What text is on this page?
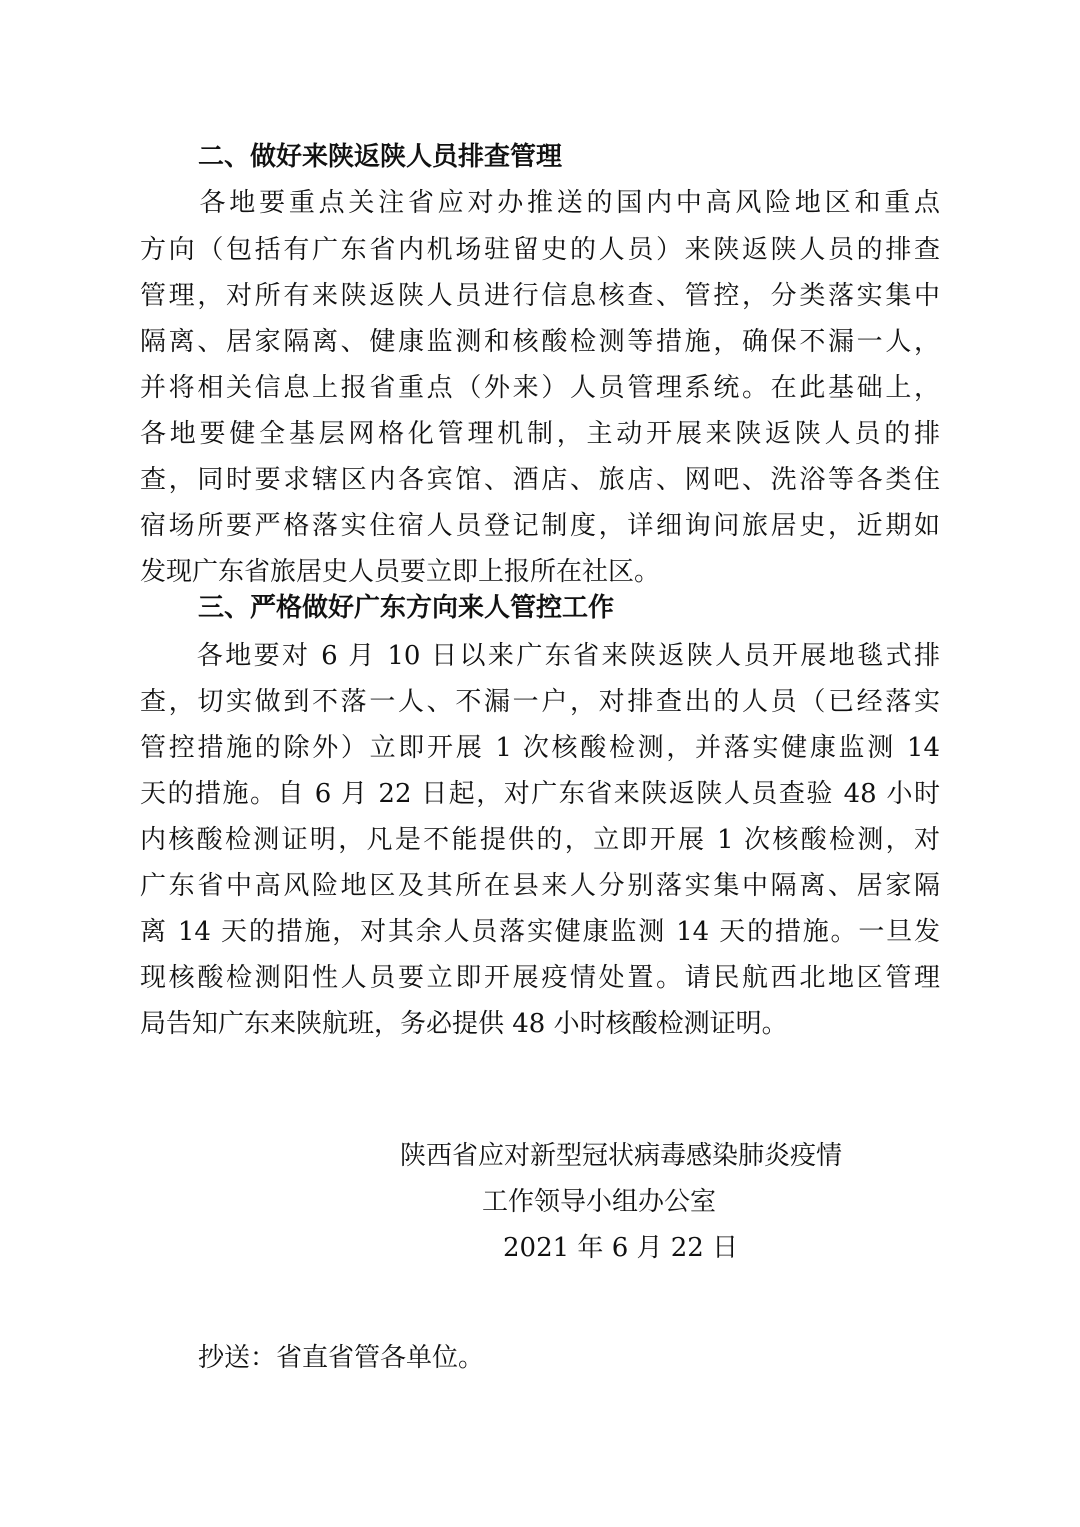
二、做好来陕返陕人员排查管理
　　各地要重点关注省应对办推送的国内中高风险地区和重点
方向（包括有广东省内机场驻留史的人员）来陕返陕人员的排查
管理，对所有来陕返陕人员进行信息核查、管控，分类落实集中
隔离、居家隔离、健康监测和核酸检测等措施，确保不漏一人，
并将相关信息上报省重点（外来）人员管理系统。在此基础上，
各地要健全基层网格化管理机制，主动开展来陕返陕人员的排
查，同时要求辖区内各宾馆、酒店、旅店、网吧、洗浴等各类住
宿场所要严格落实住宿人员登记制度，详细询问旅居史，近期如
发现广东省旅居史人员要立即上报所在社区。
三、严格做好广东方向来人管控工作
　　各地要对 6 月 10 日以来广东省来陕返陕人员开展地毯式排
查，切实做到不落一人、不漏一户，对排查出的人员（已经落实
管控措施的除外）立即开展 1 次核酸检测，并落实健康监测 14
天的措施。自 6 月 22 日起，对广东省来陕返陕人员查验 48 小时
内核酸检测证明，凡是不能提供的，立即开展 1 次核酸检测，对
广东省中高风险地区及其所在县来人分别落实集中隔离、居家隔
离 14 天的措施，对其余人员落实健康监测 14 天的措施。一旦发
现核酸检测阳性人员要立即开展疫情处置。请民航西北地区管理
局告知广东来陕航班，务必提供 48 小时核酸检测证明。
陕西省应对新型冠状病毒感染肺炎疫情
工作领导小组办公室
2021 年 6 月 22 日
抄送：省直省管各单位。
